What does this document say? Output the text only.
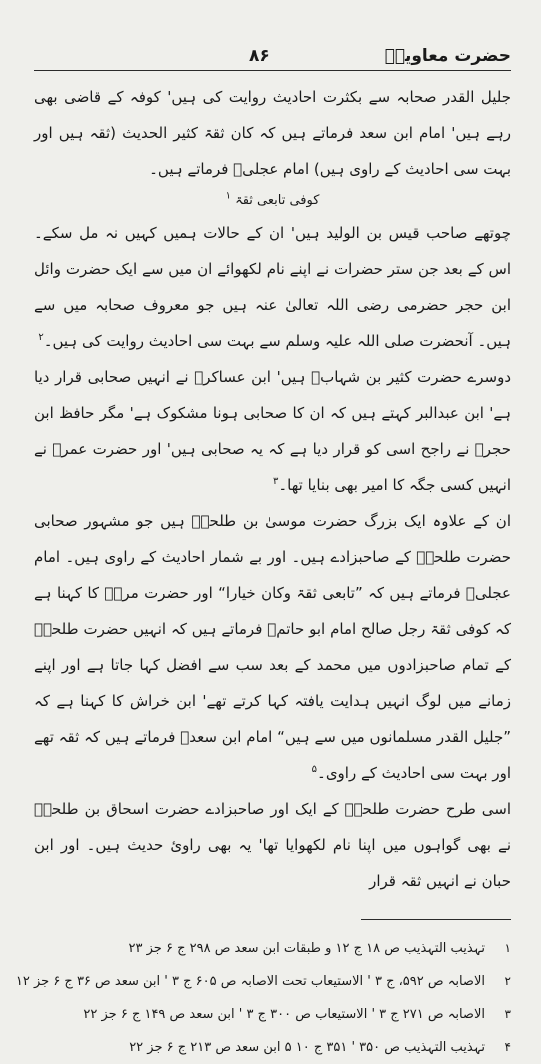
حضرت معاویہؓ
۸۶

جلیل القدر صحابہ سے بکثرت احادیث روایت کی ہیں' کوفہ کے قاضی بھی رہے ہیں' امام ابن سعد فرماتے ہیں کہ کان ثقۃ کثیر الحدیث (ثقہ ہیں اور بہت سی احادیث کے راوی ہیں) امام عجلیؒ فرماتے ہیں۔

کوفی تابعی ثقۃ $^۱$

چوتھے صاحب قیس بن الولید ہیں' ان کے حالات ہمیں کہیں نہ مل سکے۔ اس کے بعد جن ستر حضرات نے اپنے نام لکھوائے ان میں سے ایک حضرت وائل ابن حجر حضرمی رضی اللہ تعالیٰ عنہ ہیں جو معروف صحابہ میں سے ہیں۔ آنحضرت صلی اللہ علیہ وسلم سے بہت سی احادیث روایت کی ہیں۔$^۲$

دوسرے حضرت کثیر بن شہابؓ ہیں' ابن عساکرؒ نے انہیں صحابی قرار دیا ہے' ابن عبدالبر کہتے ہیں کہ ان کا صحابی ہونا مشکوک ہے' مگر حافظ ابن حجرؒ نے راجح اسی کو قرار دیا ہے کہ یہ صحابی ہیں' اور حضرت عمرؓ نے انہیں کسی جگہ کا امیر بھی بنایا تھا۔$^۳$

ان کے علاوہ ایک بزرگ حضرت موسیٰ بن طلحہؓ ہیں جو مشہور صحابی حضرت طلحہؓ کے صاحبزادے ہیں۔ اور بے شمار احادیث کے راوی ہیں۔ امام عجلیؒ فرماتے ہیں کہ ”تابعی ثقۃ وکان خیارا“ اور حضرت مرہؒ کا کہنا ہے کہ کوفی ثقۃ رجل صالح امام ابو حاتمؒ فرماتے ہیں کہ انہیں حضرت طلحہؓ کے تمام صاحبزادوں میں محمد کے بعد سب سے افضل کہا جاتا ہے اور اپنے زمانے میں لوگ انہیں ہدایت یافتہ کہا کرتے تھے' ابن خراش کا کہنا ہے کہ ”جلیل القدر مسلمانوں میں سے ہیں“ امام ابن سعدؒ فرماتے ہیں کہ ثقہ تھے اور بہت سی احادیث کے راوی۔$^۵$

اسی طرح حضرت طلحہؓ کے ایک اور صاحبزادے حضرت اسحاق بن طلحہؓ نے بھی گواہوں میں اپنا نام لکھوایا تھا' یہ بھی راویٔ حدیث ہیں۔ اور ابن حبان نے انہیں ثقہ قرار

۱تہذیب التہذیب ص ۱۸ ج ۱۲ و طبقات ابن سعد ص ۲۹۸ ج ۶ جز ۲۳

۲الاصابہ ص ۵۹۲، ج ۳ ' الاستیعاب تحت الاصابہ ص ۶۰۵ ج ۳ ' ابن سعد ص ۳۶ ج ۶ جز ۱۲

۳الاصابہ ص ۲۷۱ ج ۳ ' الاستیعاب ص ۳۰۰ ج ۳ ' ابن سعد ص ۱۴۹ ج ۶ جز ۲۲

۴تہذیب التہذیب ص ۳۵۰ ' ۳۵۱ ج ۱۰ ۵ ابن سعد ص ۲۱۳ ج ۶ جز ۲۲
